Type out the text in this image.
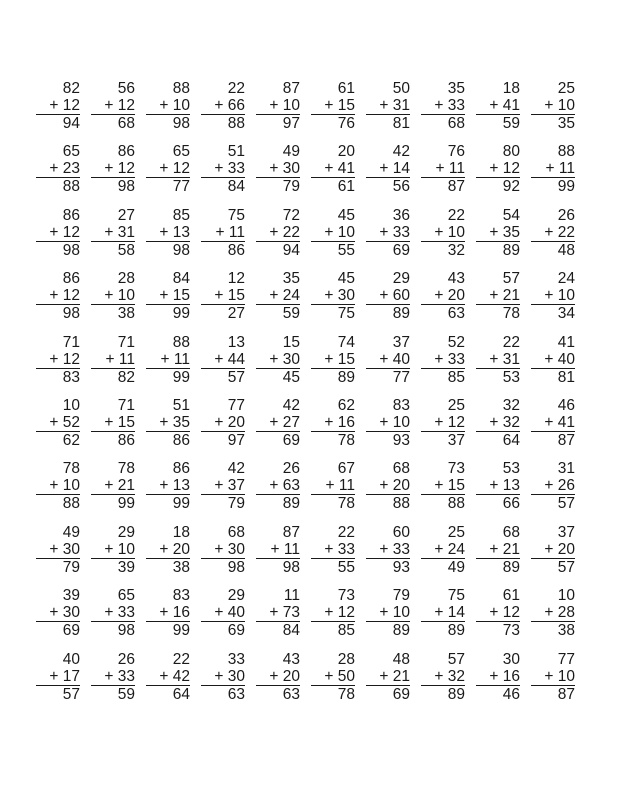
82
+ 12
94
56
+ 12
68
88
+ 10
98
22
+ 66
88
87
+ 10
97
61
+ 15
76
50
+ 31
81
35
+ 33
68
18
+ 41
59
25
+ 10
35
65
+ 23
88
86
+ 12
98
65
+ 12
77
51
+ 33
84
49
+ 30
79
20
+ 41
61
42
+ 14
56
76
+ 11
87
80
+ 12
92
88
+ 11
99
86
+ 12
98
27
+ 31
58
85
+ 13
98
75
+ 11
86
72
+ 22
94
45
+ 10
55
36
+ 33
69
22
+ 10
32
54
+ 35
89
26
+ 22
48
86
+ 12
98
28
+ 10
38
84
+ 15
99
12
+ 15
27
35
+ 24
59
45
+ 30
75
29
+ 60
89
43
+ 20
63
57
+ 21
78
24
+ 10
34
71
+ 12
83
71
+ 11
82
88
+ 11
99
13
+ 44
57
15
+ 30
45
74
+ 15
89
37
+ 40
77
52
+ 33
85
22
+ 31
53
41
+ 40
81
10
+ 52
62
71
+ 15
86
51
+ 35
86
77
+ 20
97
42
+ 27
69
62
+ 16
78
83
+ 10
93
25
+ 12
37
32
+ 32
64
46
+ 41
87
78
+ 10
88
78
+ 21
99
86
+ 13
99
42
+ 37
79
26
+ 63
89
67
+ 11
78
68
+ 20
88
73
+ 15
88
53
+ 13
66
31
+ 26
57
49
+ 30
79
29
+ 10
39
18
+ 20
38
68
+ 30
98
87
+ 11
98
22
+ 33
55
60
+ 33
93
25
+ 24
49
68
+ 21
89
37
+ 20
57
39
+ 30
69
65
+ 33
98
83
+ 16
99
29
+ 40
69
11
+ 73
84
73
+ 12
85
79
+ 10
89
75
+ 14
89
61
+ 12
73
10
+ 28
38
40
+ 17
57
26
+ 33
59
22
+ 42
64
33
+ 30
63
43
+ 20
63
28
+ 50
78
48
+ 21
69
57
+ 32
89
30
+ 16
46
77
+ 10
87
